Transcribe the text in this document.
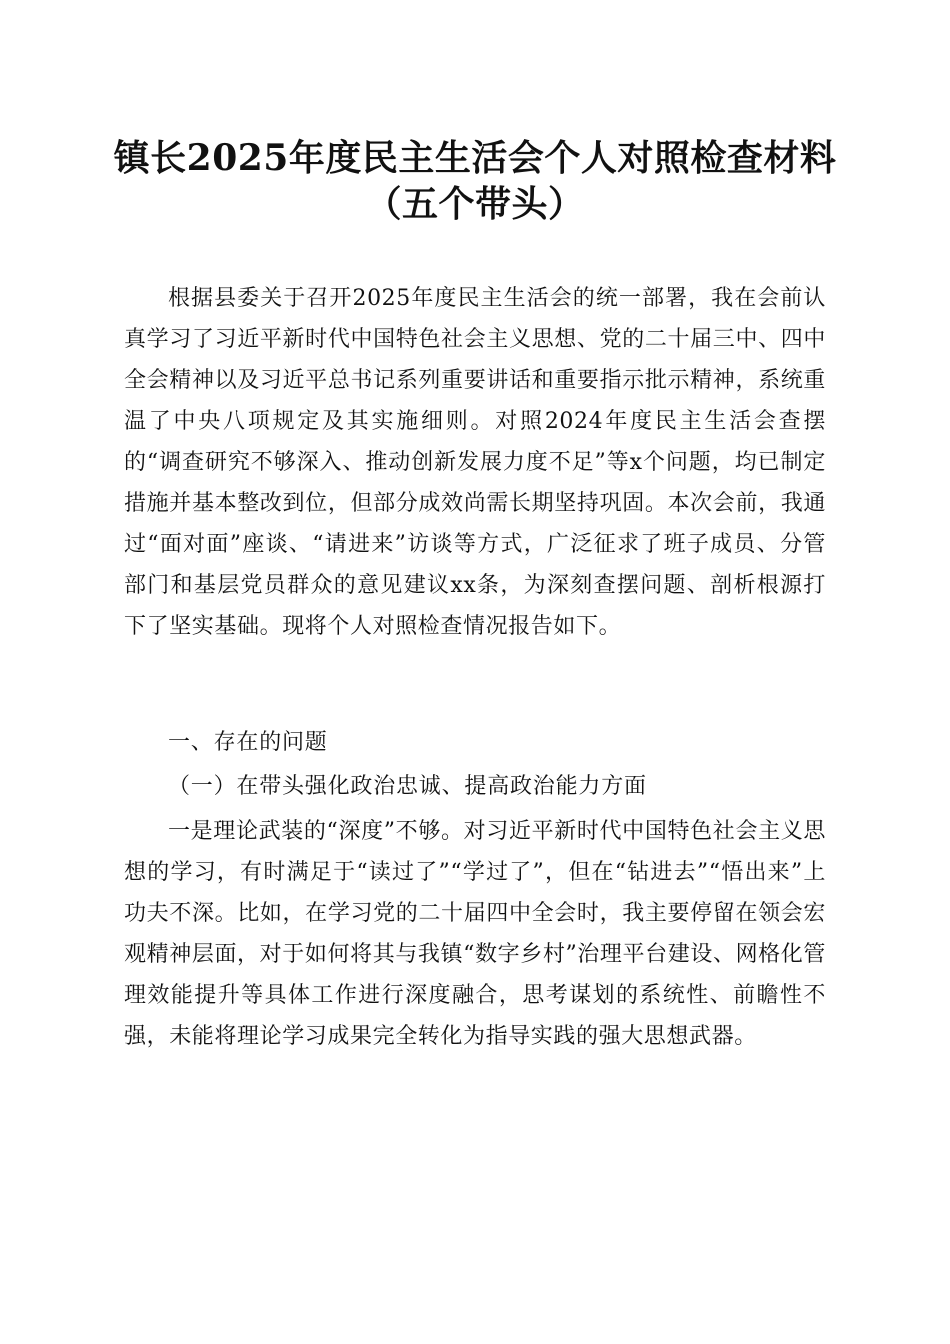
镇长2025年度民主生活会个人对照检查材料
（五个带头）

根据县委关于召开2025年度民主生活会的统一部署，我在会前认真学习了习近平新时代中国特色社会主义思想、党的二十届三中、四中全会精神以及习近平总书记系列重要讲话和重要指示批示精神，系统重温了中央八项规定及其实施细则。对照2024年度民主生活会查摆的“调查研究不够深入、推动创新发展力度不足”等x个问题，均已制定措施并基本整改到位，但部分成效尚需长期坚持巩固。本次会前，我通过“面对面”座谈、“请进来”访谈等方式，广泛征求了班子成员、分管部门和基层党员群众的意见建议xx条，为深刻查摆问题、剖析根源打下了坚实基础。现将个人对照检查情况报告如下。

一、存在的问题

（一）在带头强化政治忠诚、提高政治能力方面

一是理论武装的“深度”不够。对习近平新时代中国特色社会主义思想的学习，有时满足于“读过了”“学过了”，但在“钻进去”“悟出来”上功夫不深。比如，在学习党的二十届四中全会时，我主要停留在领会宏观精神层面，对于如何将其与我镇“数字乡村”治理平台建设、网格化管理效能提升等具体工作进行深度融合，思考谋划的系统性、前瞻性不强，未能将理论学习成果完全转化为指导实践的强大思想武器。
